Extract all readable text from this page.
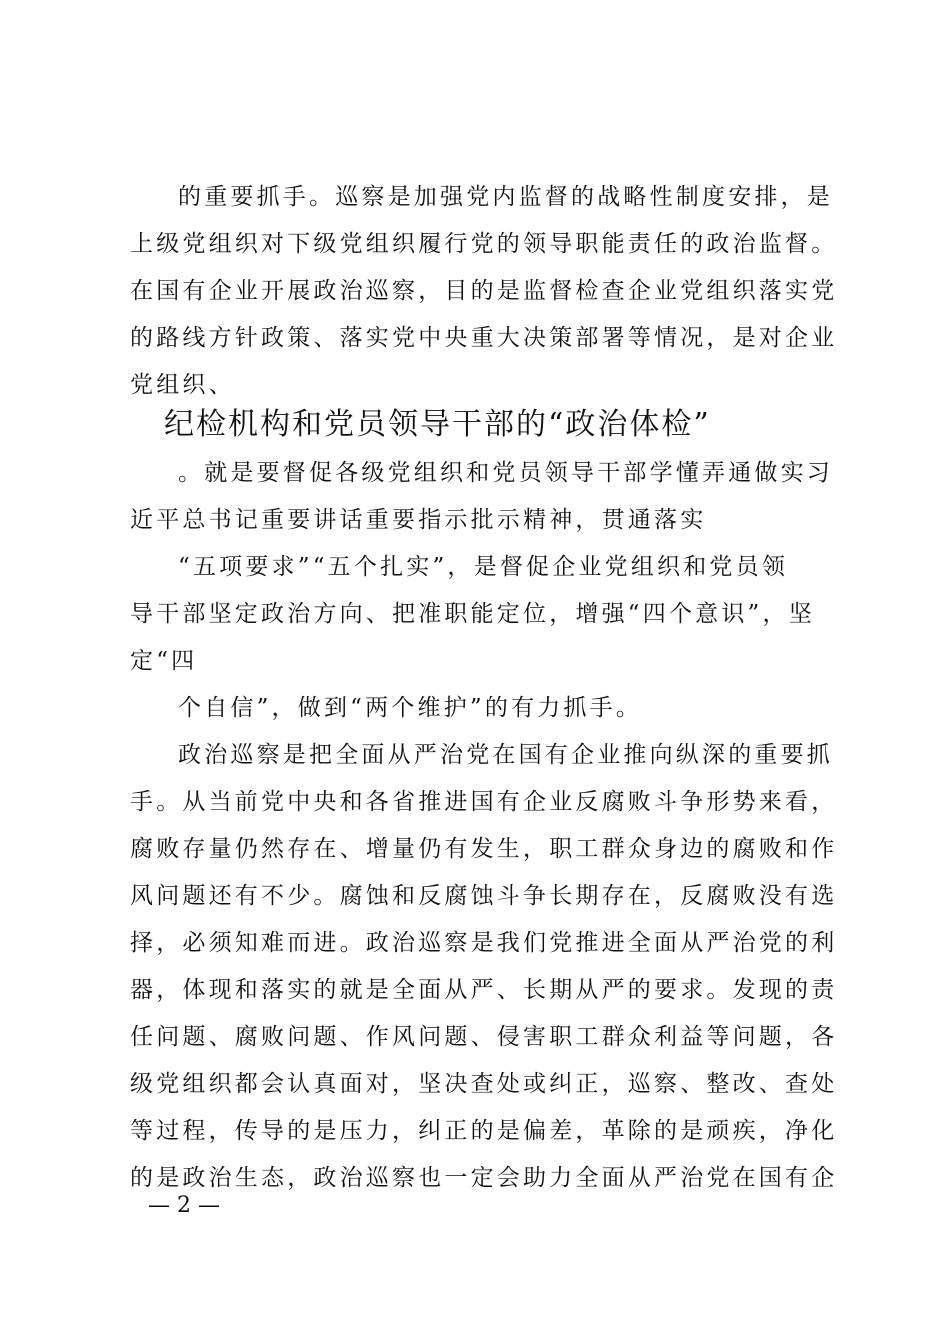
的重要抓手。巡察是加强党内监督的战略性制度安排，是
上级党组织对下级党组织履行党的领导职能责任的政治监督。
在国有企业开展政治巡察，目的是监督检查企业党组织落实党
的路线方针政策、落实党中央重大决策部署等情况，是对企业
党组织、
纪检机构和党员领导干部的“政治体检”
。就是要督促各级党组织和党员领导干部学懂弄通做实习
近平总书记重要讲话重要指示批示精神，贯通落实
“五项要求”“五个扎实”，是督促企业党组织和党员领
导干部坚定政治方向、把准职能定位，增强“四个意识”，坚
定“四
个自信”，做到“两个维护”的有力抓手。
政治巡察是把全面从严治党在国有企业推向纵深的重要抓
手。从当前党中央和各省推进国有企业反腐败斗争形势来看，
腐败存量仍然存在、增量仍有发生，职工群众身边的腐败和作
风问题还有不少。腐蚀和反腐蚀斗争长期存在，反腐败没有选
择，必须知难而进。政治巡察是我们党推进全面从严治党的利
器，体现和落实的就是全面从严、长期从严的要求。发现的责
任问题、腐败问题、作风问题、侵害职工群众利益等问题，各
级党组织都会认真面对，坚决查处或纠正，巡察、整改、查处
等过程，传导的是压力，纠正的是偏差，革除的是顽疾，净化
的是政治生态，政治巡察也一定会助力全面从严治党在国有企
— 2 —
